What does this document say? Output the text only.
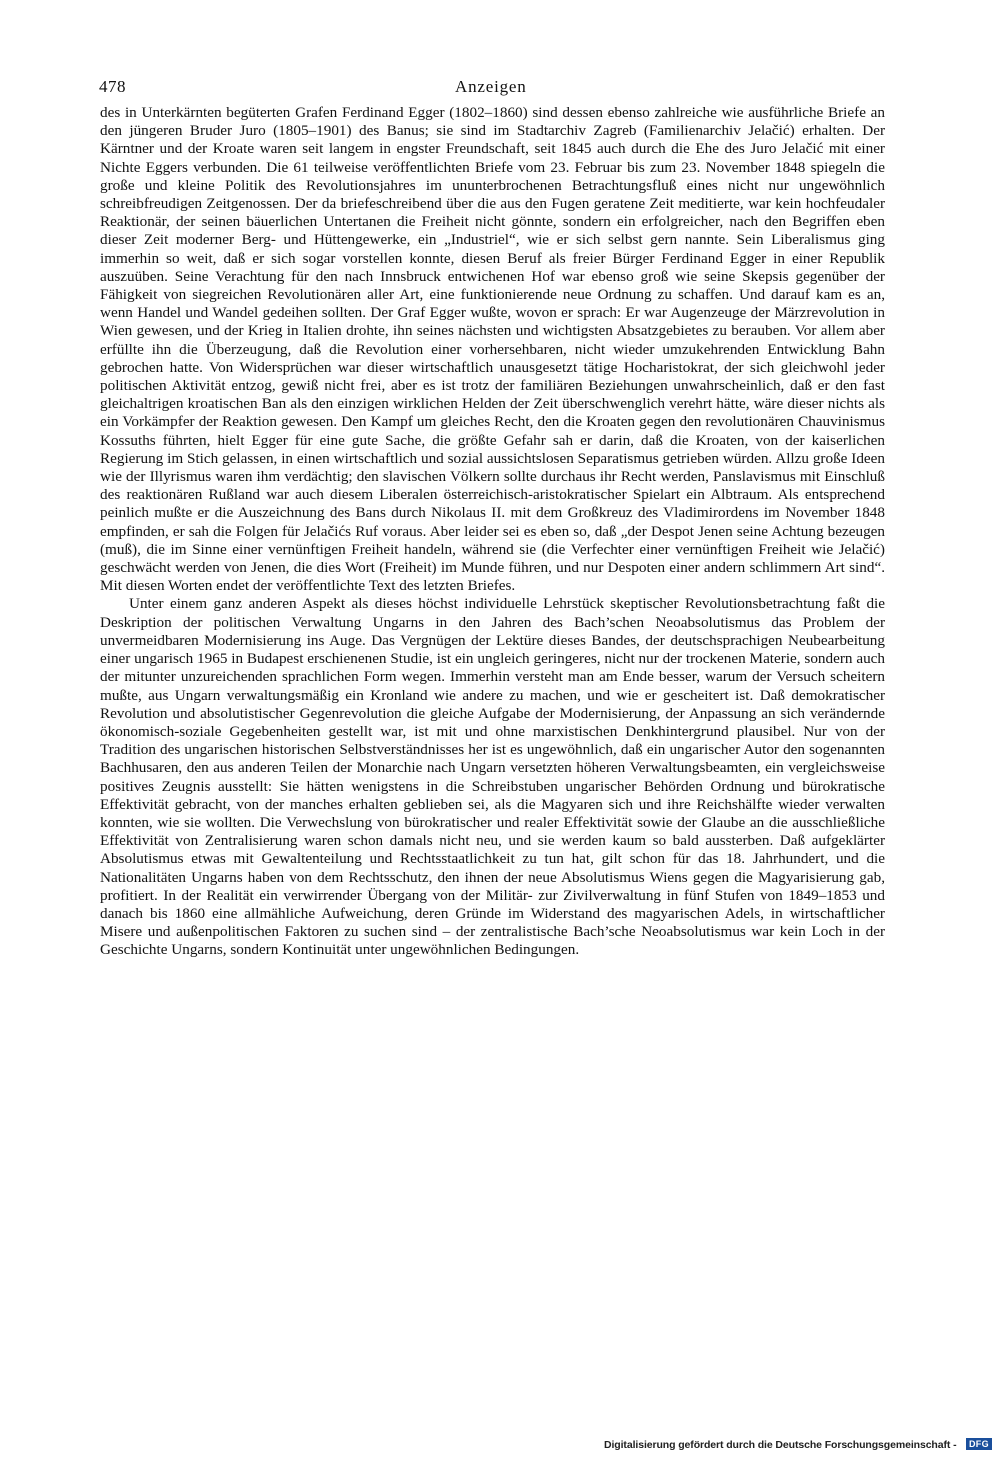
478	Anzeigen

des in Unterkärnten begüterten Grafen Ferdinand Egger (1802–1860) sind dessen ebenso zahlreiche wie ausführliche Briefe an den jüngeren Bruder Juro (1805–1901) des Banus; sie sind im Stadtarchiv Zagreb (Familienarchiv Jelačić) erhalten. Der Kärntner und der Kroate waren seit langem in engster Freundschaft, seit 1845 auch durch die Ehe des Juro Jelačić mit einer Nichte Eggers verbunden. Die 61 teilweise veröffentlichten Briefe vom 23. Februar bis zum 23. November 1848 spiegeln die große und kleine Politik des Revolutionsjahres im ununterbrochenen Betrachtungsfluß eines nicht nur ungewöhnlich schreibfreudigen Zeitgenossen. Der da briefeschreibend über die aus den Fugen geratene Zeit meditierte, war kein hochfeudaler Reaktionär, der seinen bäuerlichen Untertanen die Freiheit nicht gönnte, sondern ein erfolgreicher, nach den Begriffen eben dieser Zeit moderner Berg- und Hüttengewerke, ein „Industriel“, wie er sich selbst gern nannte. Sein Liberalismus ging immerhin so weit, daß er sich sogar vorstellen konnte, diesen Beruf als freier Bürger Ferdinand Egger in einer Republik auszuüben. Seine Verachtung für den nach Innsbruck entwichenen Hof war ebenso groß wie seine Skepsis gegenüber der Fähigkeit von siegreichen Revolutionären aller Art, eine funktionierende neue Ordnung zu schaffen. Und darauf kam es an, wenn Handel und Wandel gedeihen sollten. Der Graf Egger wußte, wovon er sprach: Er war Augenzeuge der Märzrevolution in Wien gewesen, und der Krieg in Italien drohte, ihn seines nächsten und wichtigsten Absatzgebietes zu berauben. Vor allem aber erfüllte ihn die Überzeugung, daß die Revolution einer vorhersehbaren, nicht wieder umzukehrenden Entwicklung Bahn gebrochen hatte. Von Widersprüchen war dieser wirtschaftlich unausgesetzt tätige Hocharistokrat, der sich gleichwohl jeder politischen Aktivität entzog, gewiß nicht frei, aber es ist trotz der familiären Beziehungen unwahrscheinlich, daß er den fast gleichaltrigen kroatischen Ban als den einzigen wirklichen Helden der Zeit überschwenglich verehrt hätte, wäre dieser nichts als ein Vorkämpfer der Reaktion gewesen. Den Kampf um gleiches Recht, den die Kroaten gegen den revolutionären Chauvinismus Kossuths führten, hielt Egger für eine gute Sache, die größte Gefahr sah er darin, daß die Kroaten, von der kaiserlichen Regierung im Stich gelassen, in einen wirtschaftlich und sozial aussichtslosen Separatismus getrieben würden. Allzu große Ideen wie der Illyrismus waren ihm verdächtig; den slavischen Völkern sollte durchaus ihr Recht werden, Panslavismus mit Einschluß des reaktionären Rußland war auch diesem Liberalen österreichisch-aristokratischer Spielart ein Albtraum. Als entsprechend peinlich mußte er die Auszeichnung des Bans durch Nikolaus II. mit dem Großkreuz des Vladimirordens im November 1848 empfinden, er sah die Folgen für Jelačićs Ruf voraus. Aber leider sei es eben so, daß „der Despot Jenen seine Achtung bezeugen (muß), die im Sinne einer vernünftigen Freiheit handeln, während sie (die Verfechter einer vernünftigen Freiheit wie Jelačić) geschwächt werden von Jenen, die dies Wort (Freiheit) im Munde führen, und nur Despoten einer andern schlimmern Art sind“. Mit diesen Worten endet der veröffentlichte Text des letzten Briefes.

Unter einem ganz anderen Aspekt als dieses höchst individuelle Lehrstück skeptischer Revolutionsbetrachtung faßt die Deskription der politischen Verwaltung Ungarns in den Jahren des Bach’schen Neoabsolutismus das Problem der unvermeidbaren Modernisierung ins Auge. Das Vergnügen der Lektüre dieses Bandes, der deutschsprachigen Neubearbeitung einer ungarisch 1965 in Budapest erschienenen Studie, ist ein ungleich geringeres, nicht nur der trockenen Materie, sondern auch der mitunter unzureichenden sprachlichen Form wegen. Immerhin versteht man am Ende besser, warum der Versuch scheitern mußte, aus Ungarn verwaltungsmäßig ein Kronland wie andere zu machen, und wie er gescheitert ist. Daß demokratischer Revolution und absolutistischer Gegenrevolution die gleiche Aufgabe der Modernisierung, der Anpassung an sich verändernde ökonomisch-soziale Gegebenheiten gestellt war, ist mit und ohne marxistischen Denkhintergrund plausibel. Nur von der Tradition des ungarischen historischen Selbstverständnisses her ist es ungewöhnlich, daß ein ungarischer Autor den sogenannten Bachhusaren, den aus anderen Teilen der Monarchie nach Ungarn versetzten höheren Verwaltungsbeamten, ein vergleichsweise positives Zeugnis ausstellt: Sie hätten wenigstens in die Schreibstuben ungarischer Behörden Ordnung und bürokratische Effektivität gebracht, von der manches erhalten geblieben sei, als die Magyaren sich und ihre Reichshälfte wieder verwalten konnten, wie sie wollten. Die Verwechslung von bürokratischer und realer Effektivität sowie der Glaube an die ausschließliche Effektivität von Zentralisierung waren schon damals nicht neu, und sie werden kaum so bald aussterben. Daß aufgeklärter Absolutismus etwas mit Gewaltenteilung und Rechtsstaatlichkeit zu tun hat, gilt schon für das 18. Jahrhundert, und die Nationalitäten Ungarns haben von dem Rechtsschutz, den ihnen der neue Absolutismus Wiens gegen die Magyarisierung gab, profitiert. In der Realität ein verwirrender Übergang von der Militär- zur Zivilverwaltung in fünf Stufen von 1849–1853 und danach bis 1860 eine allmähliche Aufweichung, deren Gründe im Widerstand des magyarischen Adels, in wirtschaftlicher Misere und außenpolitischen Faktoren zu suchen sind – der zentralistische Bach’sche Neoabsolutismus war kein Loch in der Geschichte Ungarns, sondern Kontinuität unter ungewöhnlichen Bedingungen.

Digitalisierung gefördert durch die Deutsche Forschungsgemeinschaft -	DFG
